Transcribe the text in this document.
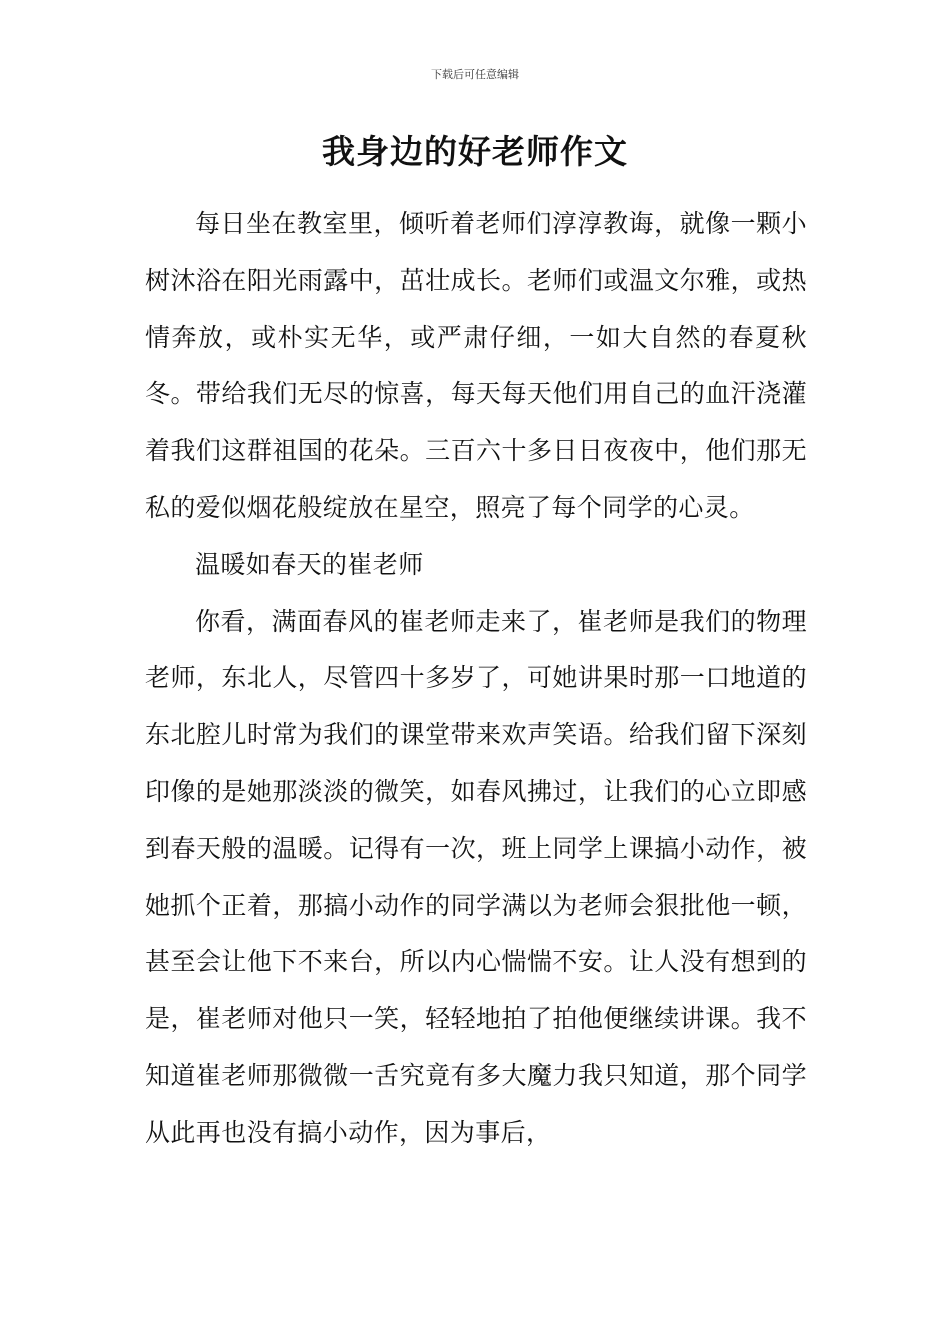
下载后可任意编辑
我身边的好老师作文

每日坐在教室里，倾听着老师们淳淳教诲，就像一颗小树沐浴在阳光雨露中，茁壮成长。老师们或温文尔雅，或热情奔放，或朴实无华，或严肃仔细，一如大自然的春夏秋冬。带给我们无尽的惊喜，每天每天他们用自己的血汗浇灌着我们这群祖国的花朵。三百六十多日日夜夜中，他们那无私的爱似烟花般绽放在星空，照亮了每个同学的心灵。

温暖如春天的崔老师

你看，满面春风的崔老师走来了，崔老师是我们的物理老师，东北人，尽管四十多岁了，可她讲果时那一口地道的东北腔儿时常为我们的课堂带来欢声笑语。给我们留下深刻印像的是她那淡淡的微笑，如春风拂过，让我们的心立即感到春天般的温暖。记得有一次，班上同学上课搞小动作，被她抓个正着，那搞小动作的同学满以为老师会狠批他一顿，甚至会让他下不来台，所以内心惴惴不安。让人没有想到的是，崔老师对他只一笑，轻轻地拍了拍他便继续讲课。我不知道崔老师那微微一舌究竟有多大魔力我只知道，那个同学从此再也没有搞小动作，因为事后，
